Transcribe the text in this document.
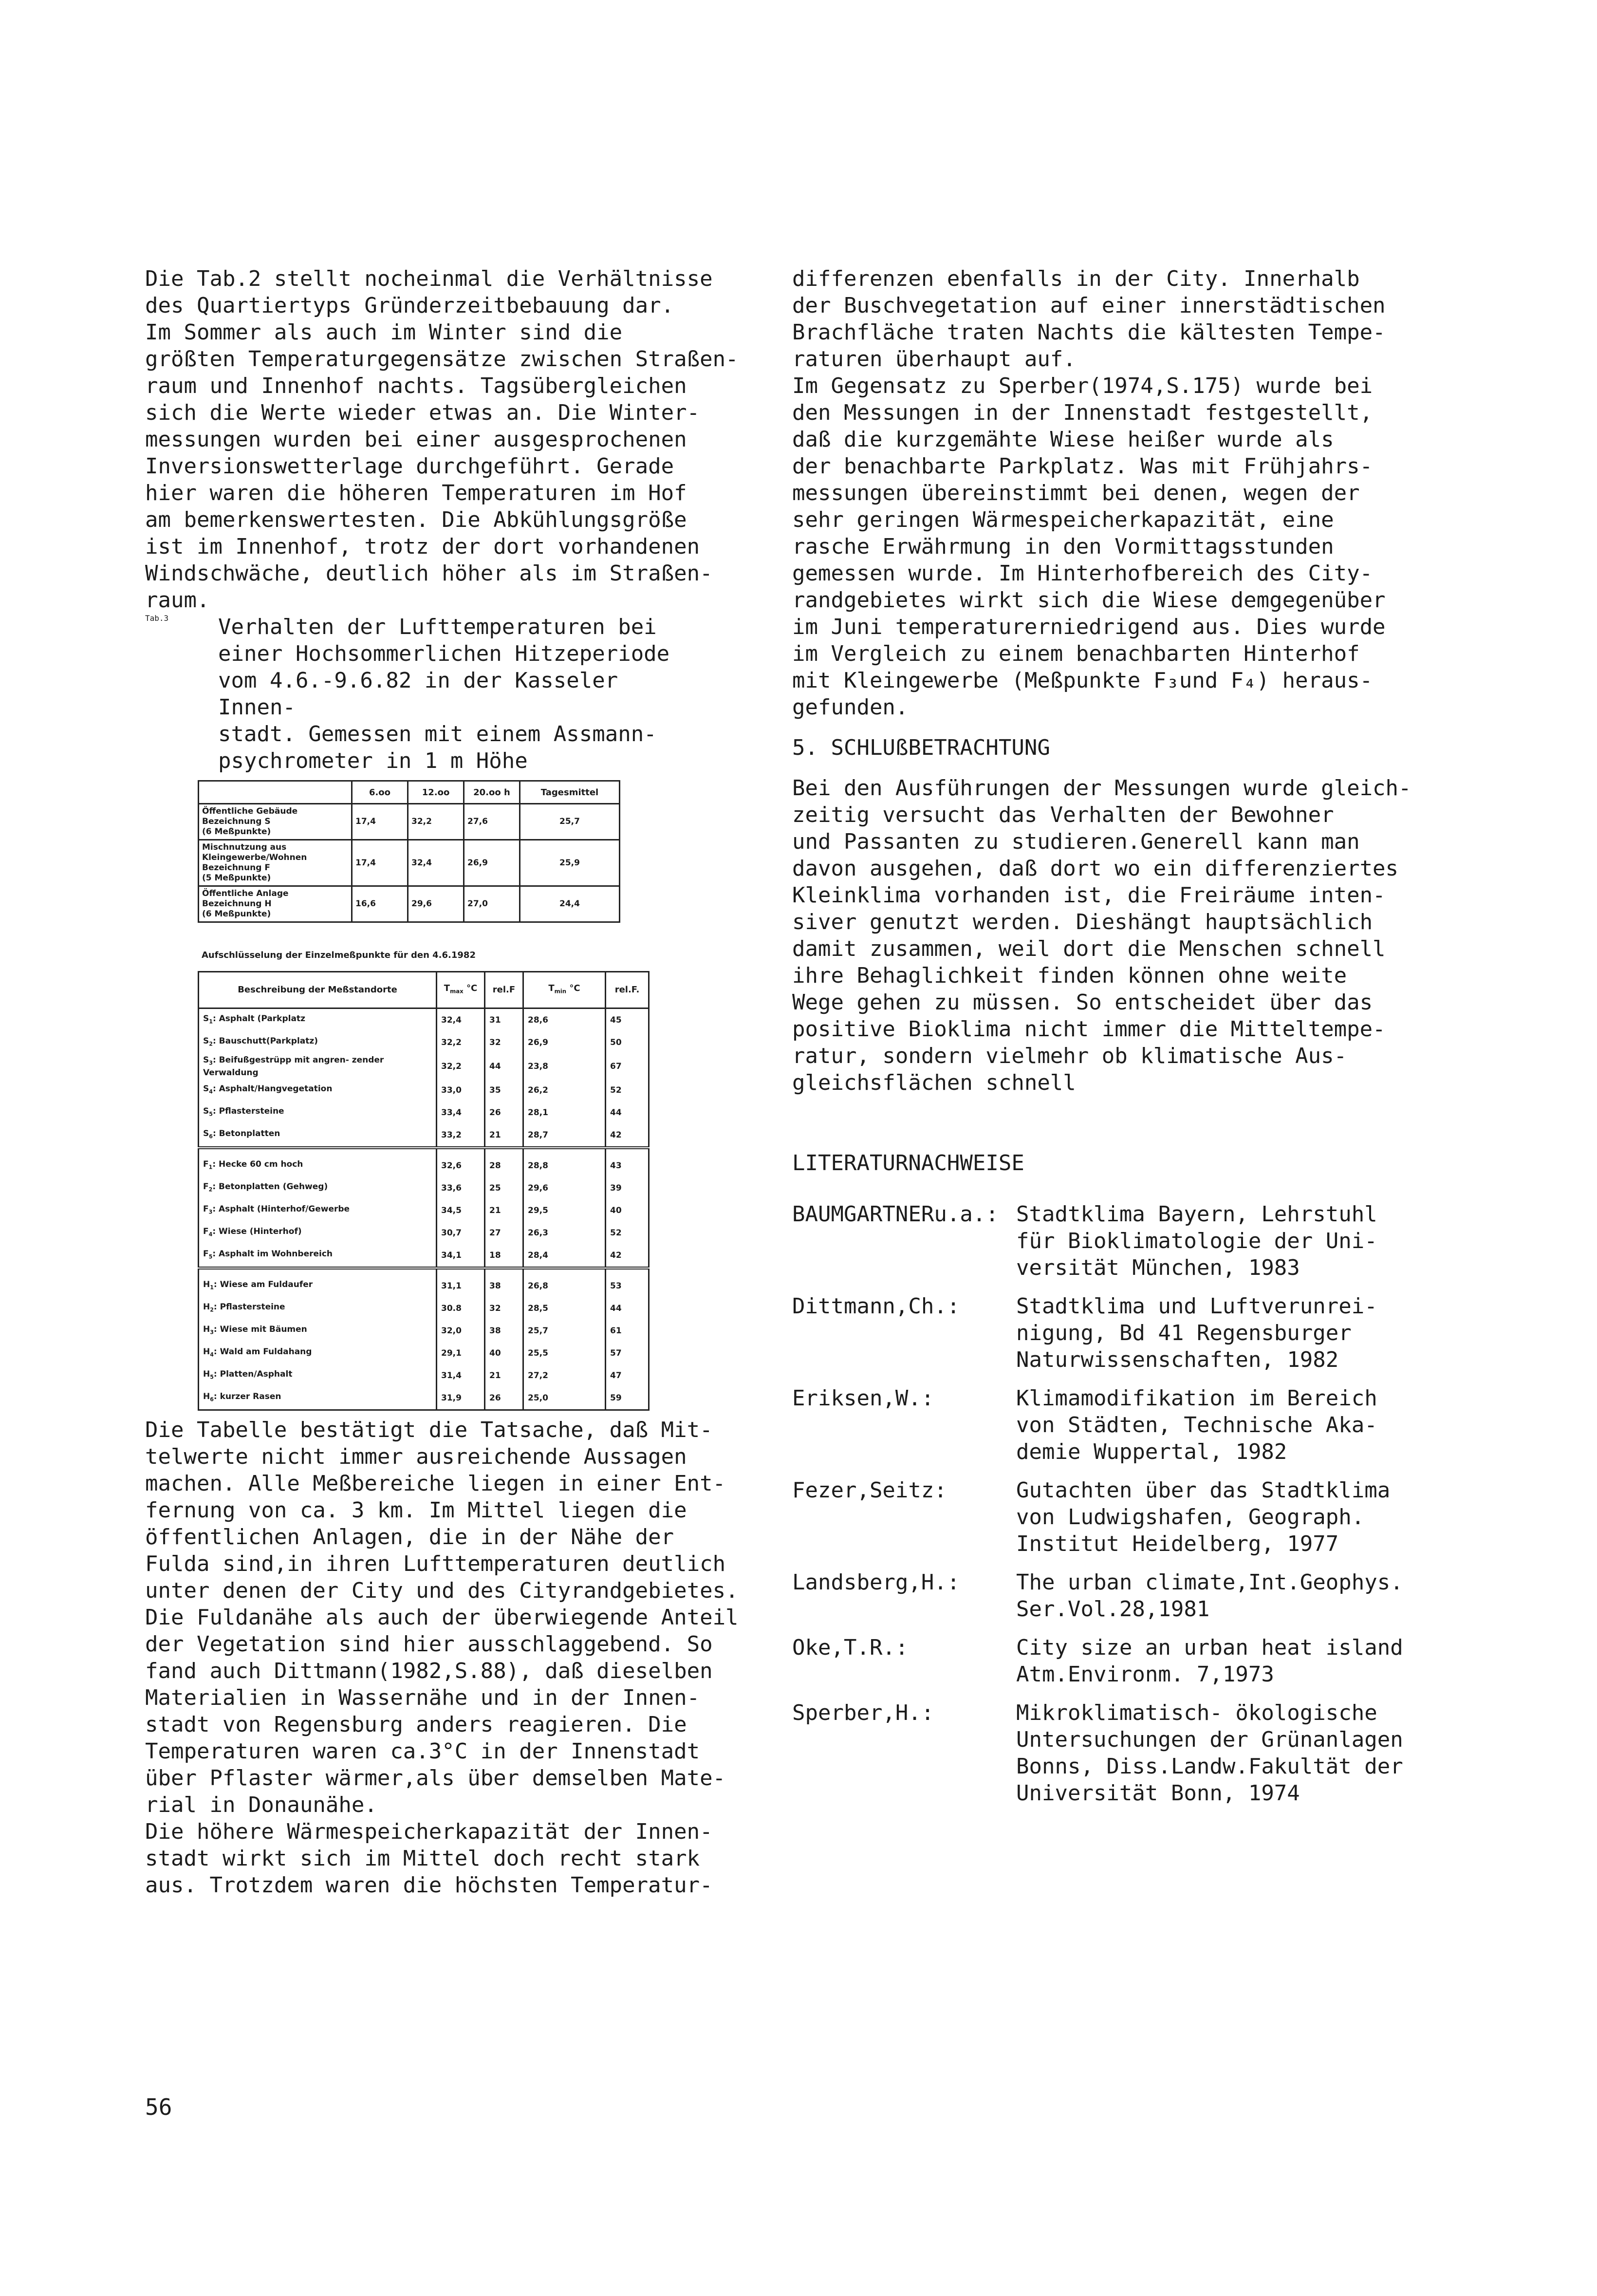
Die Tab.2 stellt nocheinmal die Verhältnisse
des Quartiertyps Gründerzeitbebauung dar.
Im Sommer als auch im Winter sind die
größten Temperaturgegensätze zwischen Straßen-
raum und Innenhof nachts. Tagsübergleichen
sich die Werte wieder etwas an. Die Winter-
messungen wurden bei einer ausgesprochenen
Inversionswetterlage durchgeführt. Gerade
hier waren die höheren Temperaturen im Hof
am bemerkenswertesten. Die Abkühlungsgröße
ist im Innenhof, trotz der dort vorhandenen
Windschwäche, deutlich höher als im Straßen-
raum.

Tab.3	Verhalten der Lufttemperaturen bei
einer Hochsommerlichen Hitzeperiode
vom 4.6.-9.6.82 in der Kasseler Innen-
stadt. Gemessen mit einem Assmann-
psychrometer in 1 m Höhe
	6.oo	12.oo	20.oo h	Tagesmittel

Öffentliche Gebäude
Bezeichnung S
(6 Meßpunkte)	17,4	32,2	27,6	25,7

Mischnutzung aus
Kleingewerbe/Wohnen
Bezeichnung F
(5 Meßpunkte)	17,4	32,4	26,9	25,9

Öffentliche Anlage
Bezeichnung H
(6 Meßpunkte)	16,6	29,6	27,0	24,4
Aufschlüsselung der Einzelmeßpunkte für den 4.6.1982
Beschreibung der Meßstandorte	$T_{max}$ °C	rel.F	$T_{min}$ °C	rel.F.
$S_1$: Asphalt (Parkplatz	32,4	31	28,6	45
$S_2$: Bauschutt(Parkplatz)	32,2	32	26,9	50
$S_3$: Beifußgestrüpp mit angren- zender Verwaldung	32,2	44	23,8	67
$S_4$: Asphalt/Hangvegetation	33,0	35	26,2	52
$S_5$: Pflastersteine	33,4	26	28,1	44
$S_6$: Betonplatten	33,2	21	28,7	42
$F_1$: Hecke 60 cm hoch	32,6	28	28,8	43
$F_2$: Betonplatten (Gehweg)	33,6	25	29,6	39
$F_3$: Asphalt (Hinterhof/Gewerbe	34,5	21	29,5	40
$F_4$: Wiese (Hinterhof)	30,7	27	26,3	52
$F_5$: Asphalt im Wohnbereich	34,1	18	28,4	42
$H_1$: Wiese am Fuldaufer	31,1	38	26,8	53
$H_2$: Pflastersteine	30.8	32	28,5	44
$H_3$: Wiese mit Bäumen	32,0	38	25,7	61
$H_4$: Wald am Fuldahang	29,1	40	25,5	57
$H_5$: Platten/Asphalt	31,4	21	27,2	47
$H_6$: kurzer Rasen	31,9	26	25,0	59

Die Tabelle bestätigt die Tatsache, daß Mit-
telwerte nicht immer ausreichende Aussagen
machen. Alle Meßbereiche liegen in einer Ent-
fernung von ca. 3 km. Im Mittel liegen die
öffentlichen Anlagen, die in der Nähe der
Fulda sind,in ihren Lufttemperaturen deutlich
unter denen der City und des Cityrandgebietes.
Die Fuldanähe als auch der überwiegende Anteil
der Vegetation sind hier ausschlaggebend. So
fand auch Dittmann(1982,S.88), daß dieselben
Materialien in Wassernähe und in der Innen-
stadt von Regensburg anders reagieren. Die
Temperaturen waren ca.3°C in der Innenstadt
über Pflaster wärmer,als über demselben Mate-
rial in Donaunähe.
Die höhere Wärmespeicherkapazität der Innen-
stadt wirkt sich im Mittel doch recht stark
aus. Trotzdem waren die höchsten Temperatur-

differenzen ebenfalls in der City. Innerhalb
der Buschvegetation auf einer innerstädtischen
Brachfläche traten Nachts die kältesten Tempe-
raturen überhaupt auf.
Im Gegensatz zu Sperber(1974,S.175) wurde bei
den Messungen in der Innenstadt festgestellt,
daß die kurzgemähte Wiese heißer wurde als
der benachbarte Parkplatz. Was mit Frühjahrs-
messungen übereinstimmt bei denen, wegen der
sehr geringen Wärmespeicherkapazität, eine
rasche Erwährmung in den Vormittagsstunden
gemessen wurde. Im Hinterhofbereich des City-
randgebietes wirkt sich die Wiese demgegenüber
im Juni temperaturerniedrigend aus. Dies wurde
im Vergleich zu einem benachbarten Hinterhof
mit Kleingewerbe (Meßpunkte F₃und F₄) heraus-
gefunden.

5. SCHLUßBETRACHTUNG

Bei den Ausführungen der Messungen wurde gleich-
zeitig versucht das Verhalten der Bewohner
und Passanten zu studieren.Generell kann man
davon ausgehen, daß dort wo ein differenziertes
Kleinklima vorhanden ist, die Freiräume inten-
siver genutzt werden. Dieshängt hauptsächlich
damit zusammen, weil dort die Menschen schnell
ihre Behaglichkeit finden können ohne weite
Wege gehen zu müssen. So entscheidet über das
positive Bioklima nicht immer die Mitteltempe-
ratur, sondern vielmehr ob klimatische Aus-
gleichsflächen schnell

LITERATURNACHWEISE

BAUMGARTNERu.a.: Stadtklima Bayern, Lehrstuhl
für Bioklimatologie der Uni-
versität München, 1983
Dittmann,Ch.:	Stadtklima und Luftverunrei-
nigung, Bd 41 Regensburger
Naturwissenschaften, 1982
Eriksen,W.:	Klimamodifikation im Bereich
von Städten, Technische Aka-
demie Wuppertal, 1982
Fezer,Seitz:	Gutachten über das Stadtklima
von Ludwigshafen, Geograph.
Institut Heidelberg, 1977
Landsberg,H.:	The urban climate,Int.Geophys.
Ser.Vol.28,1981
Oke,T.R.:	City size an urban heat island
Atm.Environm. 7,1973
Sperber,H.:	Mikroklimatisch- ökologische
Untersuchungen der Grünanlagen
Bonns, Diss.Landw.Fakultät der
Universität Bonn, 1974
56
